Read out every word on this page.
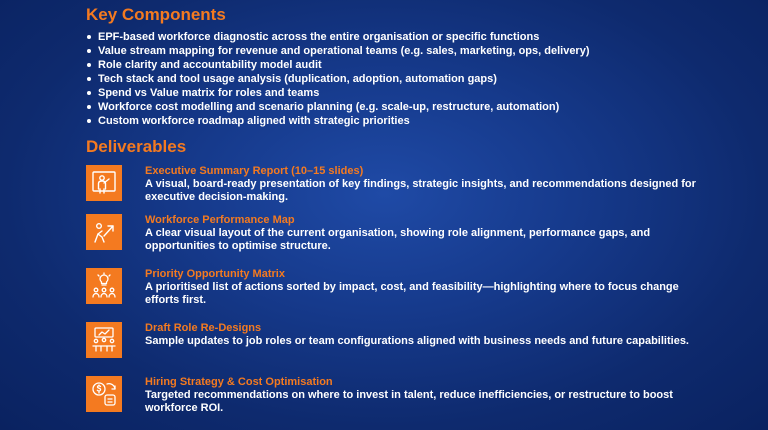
Key Components
EPF-based workforce diagnostic across the entire organisation or specific functions
Value stream mapping for revenue and operational teams (e.g. sales, marketing, ops, delivery)
Role clarity and accountability model audit
Tech stack and tool usage analysis (duplication, adoption, automation gaps)
Spend vs Value matrix for roles and teams
Workforce cost modelling and scenario planning (e.g. scale-up, restructure, automation)
Custom workforce roadmap aligned with strategic priorities
Deliverables
Executive Summary Report (10–15 slides)
A visual, board-ready presentation of key findings, strategic insights, and recommendations designed for executive decision-making.
Workforce Performance Map
A clear visual layout of the current organisation, showing role alignment, performance gaps, and opportunities to optimise structure.
Priority Opportunity Matrix
A prioritised list of actions sorted by impact, cost, and feasibility—highlighting where to focus change efforts first.
Draft Role Re-Designs
Sample updates to job roles or team configurations aligned with business needs and future capabilities.
Hiring Strategy & Cost Optimisation
Targeted recommendations on where to invest in talent, reduce inefficiencies, or restructure to boost workforce ROI.
